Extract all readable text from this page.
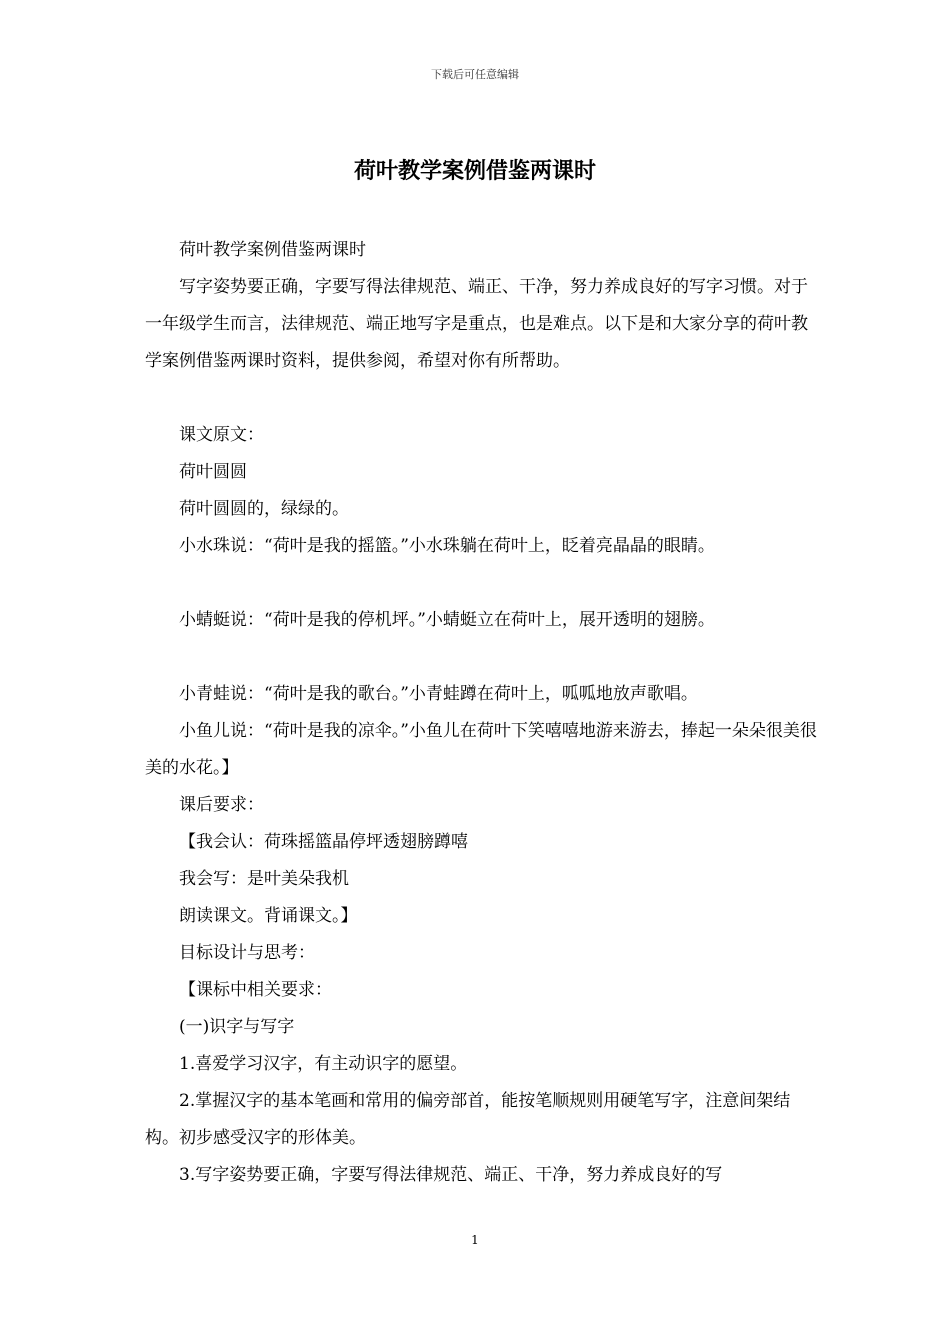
下载后可任意编辑
荷叶教学案例借鉴两课时

荷叶教学案例借鉴两课时

写字姿势要正确，字要写得法律规范、端正、干净，努力养成良好的写字习惯。对于一年级学生而言，法律规范、端正地写字是重点，也是难点。以下是和大家分享的荷叶教学案例借鉴两课时资料，提供参阅，希望对你有所帮助。

课文原文：

荷叶圆圆

荷叶圆圆的，绿绿的。

小水珠说：“荷叶是我的摇篮。”小水珠躺在荷叶上，眨着亮晶晶的眼睛。

小蜻蜓说：“荷叶是我的停机坪。”小蜻蜓立在荷叶上，展开透明的翅膀。

小青蛙说：“荷叶是我的歌台。”小青蛙蹲在荷叶上，呱呱地放声歌唱。

小鱼儿说：“荷叶是我的凉伞。”小鱼儿在荷叶下笑嘻嘻地游来游去，捧起一朵朵很美很美的水花。】

课后要求：

【我会认：荷珠摇篮晶停坪透翅膀蹲嘻

我会写：是叶美朵我机

朗读课文。背诵课文。】

目标设计与思考：

【课标中相关要求：

(一)识字与写字

1.喜爱学习汉字，有主动识字的愿望。

2.掌握汉字的基本笔画和常用的偏旁部首，能按笔顺规则用硬笔写字，注意间架结构。初步感受汉字的形体美。

3.写字姿势要正确，字要写得法律规范、端正、干净，努力养成良好的写

1
